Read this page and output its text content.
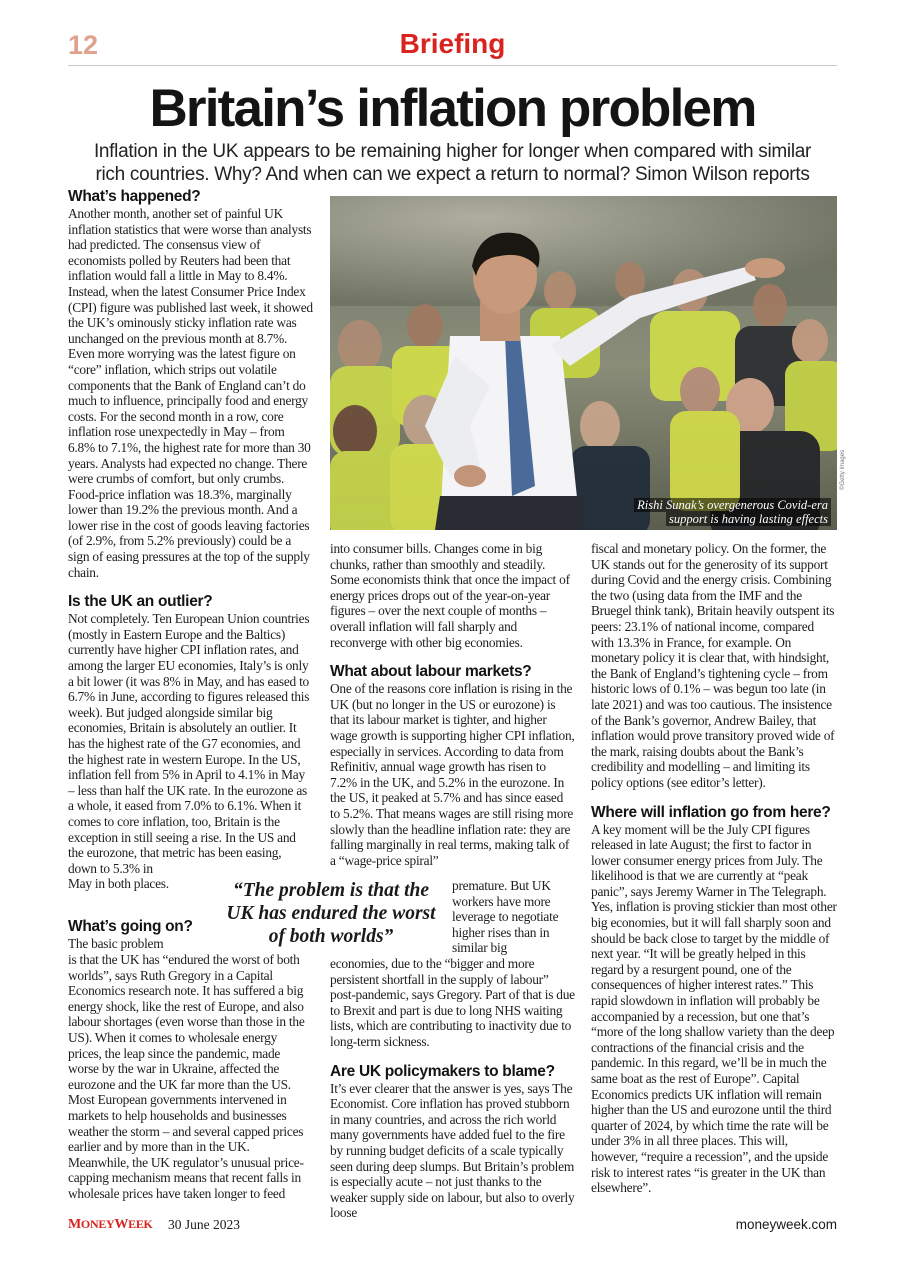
12	Briefing
Britain’s inflation problem
Inflation in the UK appears to be remaining higher for longer when compared with similar rich countries. Why? And when can we expect a return to normal? Simon Wilson reports
What’s happened?

Another month, another set of painful UK inflation statistics that were worse than analysts had predicted. The consensus view of economists polled by Reuters had been that inflation would fall a little in May to 8.4%. Instead, when the latest Consumer Price Index (CPI) figure was published last week, it showed the UK’s ominously sticky inflation rate was unchanged on the previous month at 8.7%. Even more worrying was the latest figure on “core” inflation, which strips out volatile components that the Bank of England can’t do much to influence, principally food and energy costs. For the second month in a row, core inflation rose unexpectedly in May – from 6.8% to 7.1%, the highest rate for more than 30 years. Analysts had expected no change. There were crumbs of comfort, but only crumbs. Food-price inflation was 18.3%, marginally lower than 19.2% the previous month. And a lower rise in the cost of goods leaving factories (of 2.9%, from 5.2% previously) could be a sign of easing pressures at the top of the supply chain.

Is the UK an outlier?

Not completely. Ten European Union countries (mostly in Eastern Europe and the Baltics) currently have higher CPI inflation rates, and among the larger EU economies, Italy’s is only a bit lower (it was 8% in May, and has eased to 6.7% in June, according to figures released this week). But judged alongside similar big economies, Britain is absolutely an outlier. It has the highest rate of the G7 economies, and the highest rate in western Europe. In the US, inflation fell from 5% in April to 4.1% in May – less than half the UK rate. In the eurozone as a whole, it eased from 7.0% to 6.1%. When it comes to core inflation, too, Britain is the exception in still seeing a rise. In the US and the eurozone, that metric has been easing, down to 5.3% in

May in both places.

What’s going on?
The basic problem

is that the UK has “endured the worst of both worlds”, says Ruth Gregory in a Capital Economics research note. It has suffered a big energy shock, like the rest of Europe, and also labour shortages (even worse than those in the US). When it comes to wholesale energy prices, the leap since the pandemic, made worse by the war in Ukraine, affected the eurozone and the UK far more than the US. Most European governments intervened in markets to help households and businesses weather the storm – and several capped prices earlier and by more than in the UK. Meanwhile, the UK regulator’s unusual price-capping mechanism means that recent falls in wholesale prices have taken longer to feed

Rishi Sunak’s overgenerous Covid-era
support is having lasting effects
©Getty Images

into consumer bills. Changes come in big chunks, rather than smoothly and steadily. Some economists think that once the impact of energy prices drops out of the year-on-year figures – over the next couple of months – overall inflation will fall sharply and reconverge with other big economies.

What about labour markets?

One of the reasons core inflation is rising in the UK (but no longer in the US or eurozone) is that its labour market is tighter, and higher wage growth is supporting higher CPI inflation, especially in services. According to data from Refinitiv, annual wage growth has risen to 7.2% in the UK, and 5.2% in the eurozone. In the US, it peaked at 5.7% and has since eased to 5.2%. That means wages are still rising more slowly than the headline inflation rate: they are falling marginally in real terms, making talk of a “wage-price spiral”

premature. But UK workers have more leverage to negotiate higher rises than in similar big

economies, due to the “bigger and more persistent shortfall in the supply of labour” post-pandemic, says Gregory. Part of that is due to Brexit and part is due to long NHS waiting lists, which are contributing to inactivity due to long-term sickness.

Are UK policymakers to blame?

It’s ever clearer that the answer is yes, says The Economist. Core inflation has proved stubborn in many countries, and across the rich world many governments have added fuel to the fire by running budget deficits of a scale typically seen during deep slumps. But Britain’s problem is especially acute – not just thanks to the weaker supply side on labour, but also to overly loose

“The problem is that the UK has endured the worst of both worlds”

fiscal and monetary policy. On the former, the UK stands out for the generosity of its support during Covid and the energy crisis. Combining the two (using data from the IMF and the Bruegel think tank), Britain heavily outspent its peers: 23.1% of national income, compared with 13.3% in France, for example. On monetary policy it is clear that, with hindsight, the Bank of England’s tightening cycle – from historic lows of 0.1% – was begun too late (in late 2021) and was too cautious. The insistence of the Bank’s governor, Andrew Bailey, that inflation would prove transitory proved wide of the mark, raising doubts about the Bank’s credibility and modelling – and limiting its policy options (see editor’s letter).

Where will inflation go from here?

A key moment will be the July CPI figures released in late August; the first to factor in lower consumer energy prices from July. The likelihood is that we are currently at “peak panic”, says Jeremy Warner in The Telegraph. Yes, inflation is proving stickier than most other big economies, but it will fall sharply soon and should be back close to target by the middle of next year. “It will be greatly helped in this regard by a resurgent pound, one of the consequences of higher interest rates.” This rapid slowdown in inflation will probably be accompanied by a recession, but one that’s “more of the long shallow variety than the deep contractions of the financial crisis and the pandemic. In this regard, we’ll be in much the same boat as the rest of Europe”. Capital Economics predicts UK inflation will remain higher than the US and eurozone until the third quarter of 2024, by which time the rate will be under 3% in all three places. This will, however, “require a recession”, and the upside risk to interest rates “is greater in the UK than elsewhere”.

MONEYWEEK 30 June 2023	moneyweek.com
